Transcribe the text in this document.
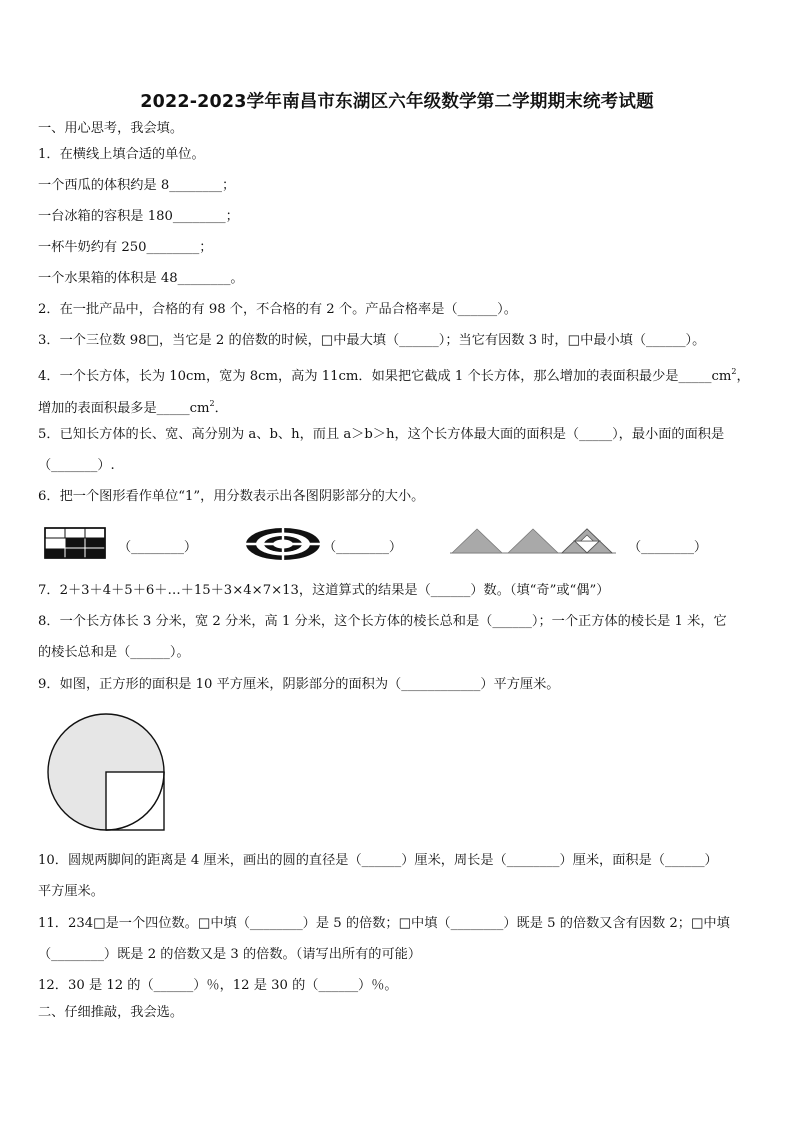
2022-2023学年南昌市东湖区六年级数学第二学期期末统考试题
一、用心思考，我会填。
1．在横线上填合适的单位。
一个西瓜的体积约是 8________；
一台冰箱的容积是 180________；
一杯牛奶约有 250________；
一个水果箱的体积是 48________。
2．在一批产品中，合格的有 98 个，不合格的有 2 个。产品合格率是（______）。
3．一个三位数 98□，当它是 2 的倍数的时候，□中最大填（______）；当它有因数 3 时，□中最小填（______）。
4．一个长方体，长为 10cm，宽为 8cm，高为 11cm．如果把它截成 1 个长方体，那么增加的表面积最少是$\_\_\_\_\_cm^2$，
增加的表面积最多是$\_\_\_\_\_cm^2$．
5．已知长方体的长、宽、高分别为 a、b、h，而且 a＞b＞h，这个长方体最大面的面积是（_____），最小面的面积是
（_______）.
6．把一个图形看作单位“1”，用分数表示出各图阴影部分的大小。
（________）	（________）	（________）
7．2＋3＋4＋5＋6＋…＋15＋3×4×7×13，这道算式的结果是（______）数。（填“奇”或“偶”）
8．一个长方体长 3 分米，宽 2 分米，高 1 分米，这个长方体的棱长总和是（______）；一个正方体的棱长是 1 米，它
的棱长总和是（______）。
9．如图，正方形的面积是 10 平方厘米，阴影部分的面积为（____________）平方厘米。
10．圆规两脚间的距离是 4 厘米，画出的圆的直径是（______）厘米，周长是（________）厘米，面积是（______）
平方厘米。
11．234□是一个四位数。□中填（________）是 5 的倍数；□中填（________）既是 5 的倍数又含有因数 2；□中填
（________）既是 2 的倍数又是 3 的倍数。（请写出所有的可能）
12．30 是 12 的（______）％，12 是 30 的（______）％。
二、仔细推敲，我会选。
